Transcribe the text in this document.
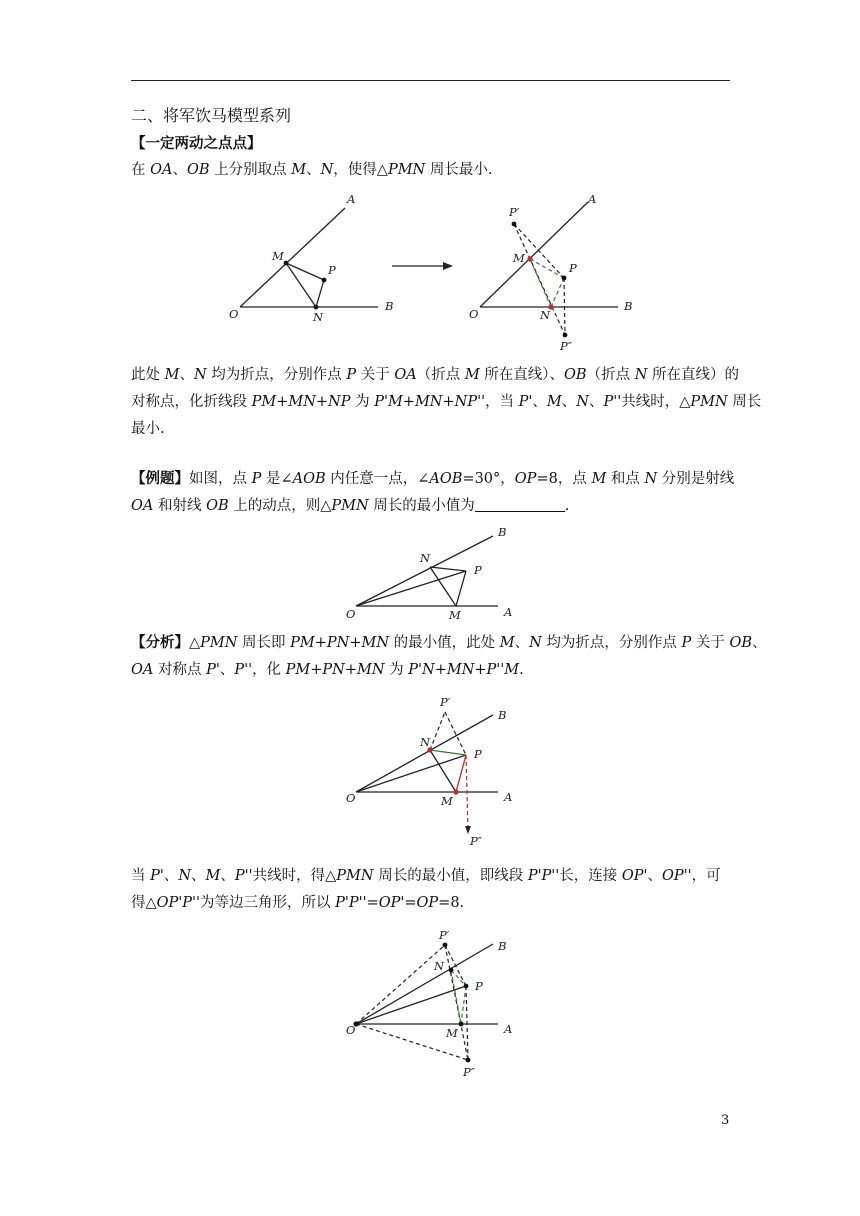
二、将军饮马模型系列
【一定两动之点点】
在 OA、OB 上分别取点 M、N，使得△PMN 周长最小.
A
M
P
O	N
B
P′
A
M
P
O	N
B
P″
此处 M、N 均为折点，分别作点 P 关于 OA（折点 M 所在直线）、OB（折点 N 所在直线）的
对称点，化折线段 PM+MN+NP 为 P'M+MN+NP''，当 P'、M、N、P''共线时，△PMN 周长
最小.
【例题】如图，点 P 是∠AOB 内任意一点，∠AOB=30°，OP=8，点 M 和点 N 分别是射线
OA 和射线 OB 上的动点，则△PMN 周长的最小值为	.
B
N
P
O	M	A
【分析】△PMN 周长即 PM+PN+MN 的最小值，此处 M、N 均为折点，分别作点 P 关于 OB、
OA 对称点 P'、P''，化 PM+PN+MN 为 P'N+MN+P''M.
P′
B
N
P
O	M	A
P″
当 P'、N、M、P''共线时，得△PMN 周长的最小值，即线段 P'P''长，连接 OP'、OP''，可
得△OP'P''为等边三角形，所以 P'P''=OP'=OP=8.
P′
B
N
P
O	M	A
P″
3
